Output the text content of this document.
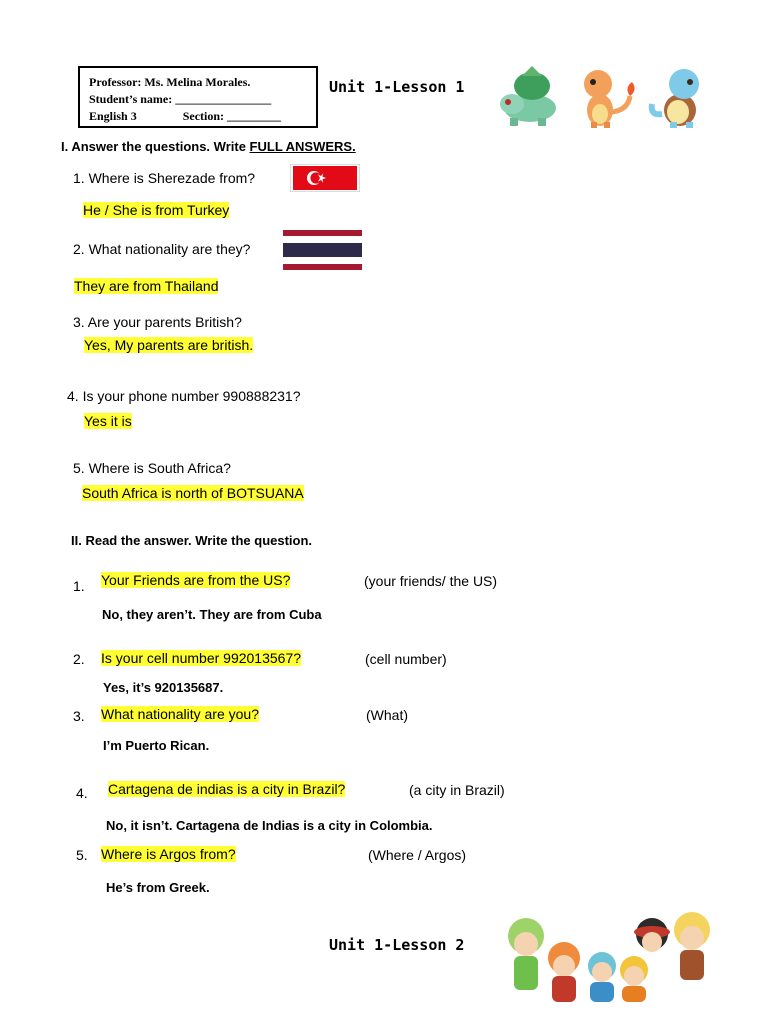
Professor: Ms. Melina Morales.
Student’s name: ________________
English 3	Section: _________
Unit 1-Lesson 1
I. Answer the questions. Write FULL ANSWERS.
1. Where is Sherezade from?
He / She is from Turkey
2. What nationality are they?
They are from Thailand
3. Are your parents British?
Yes, My parents are british.
4. Is your phone number 990888231?
Yes it is
5. Where is South Africa?
South Africa is north of BOTSUANA
II. Read the answer. Write the question.
1. Your Friends are from the US?	(your friends/ the US)
No, they aren’t. They are from Cuba
2. Is your cell number 992013567?	(cell number)
Yes, it’s 920135687.
3. What nationality are you?	(What)
I’m Puerto Rican.
4. Cartagena de indias is a city in Brazil?	(a city in Brazil)
No, it isn’t. Cartagena de Indias is a city in Colombia.
5. Where is Argos from?	(Where / Argos)
He’s from Greek.
Unit 1-Lesson 2
